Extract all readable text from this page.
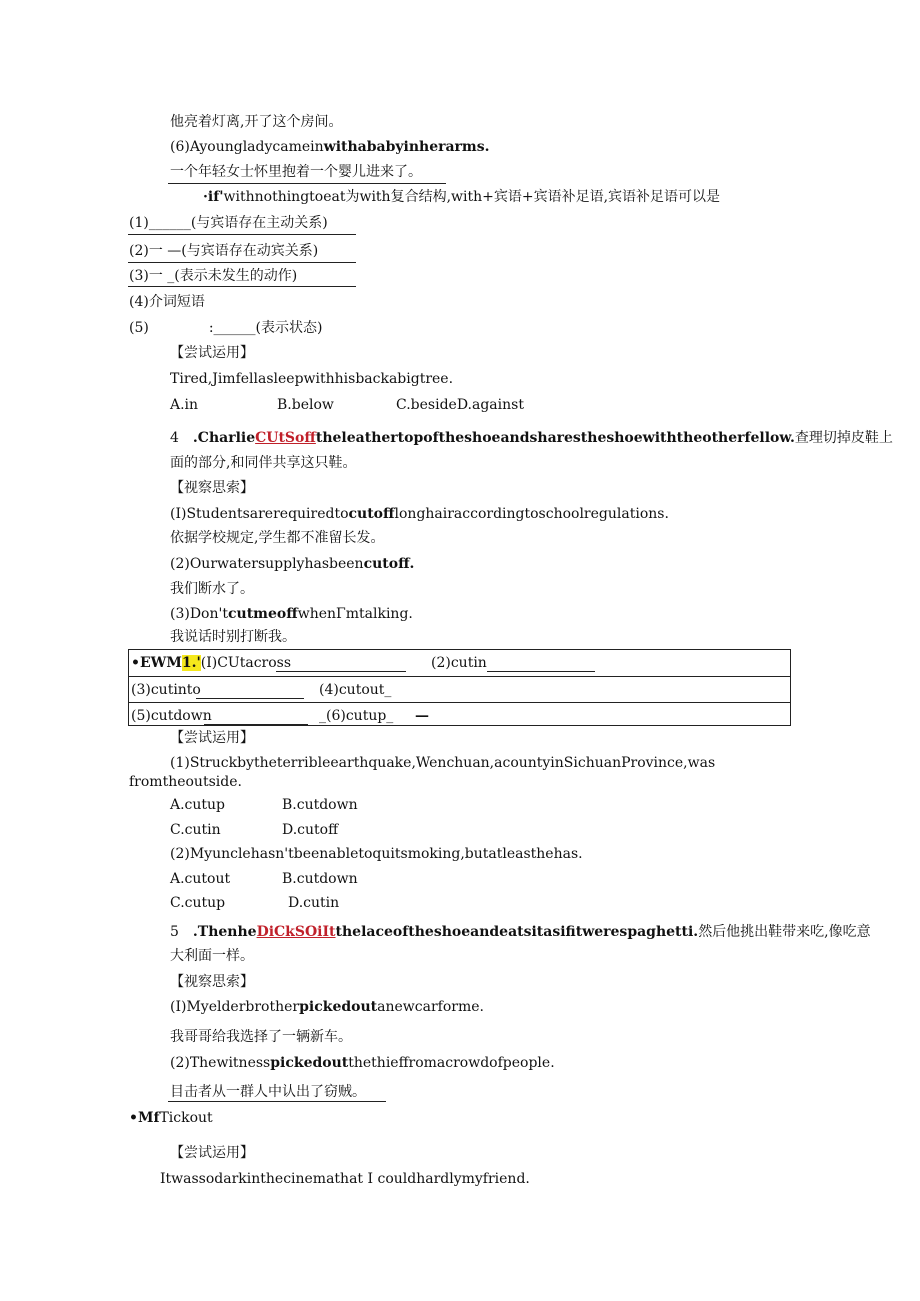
他亮着灯离,开了这个房间。
(6)Ayoungladycameinwithababyinherarms.
一个年轻女士怀里抱着一个婴儿进来了。
·if'withnothingtoeat为with复合结构,with+宾语+宾语补足语,宾语补足语可以是
(1)______(与宾语存在主动关系)
(2)一 —(与宾语存在动宾关系)
(3)一 _(表示未发生的动作)
(4)介词短语
(5)	:______(表示状态)
【尝试运用】
Tired,Jimfellasleepwithhisbackabigtree.
A.in	B.below	C.besideD.against
4 .CharlieCUtSofftheleathertopoftheshoeandsharestheshoewiththeotherfellow.查理切掉皮鞋上
面的部分,和同伴共享这只鞋。
【视察思索】
(I)Studentsarerequiredtocutofflonghairaccordingtoschoolregulations.
依据学校规定,学生都不准留长发。
(2)Ourwatersupplyhasbeencutoff.
我们断水了。
(3)Don'tcutmeoffwhenΓmtalking.
我说话时别打断我。
•EWM1.'(I)CUtacross	(2)cutin
(3)cutinto	(4)cutout_
(5)cutdown	_(6)cutup_ —
【尝试运用】
(1)Struckbytheterribleearthquake,Wenchuan,acountyinSichuanProvince,was
fromtheoutside.
A.cutup	B.cutdown
C.cutin	D.cutoff
(2)Myunclehasn'tbeenabletoquitsmoking,butatleasthehas.
A.cutout	B.cutdown
C.cutup	D.cutin
5 .ThenheDiCkSOiItthelaceoftheshoeandeatsitasifitwerespaghetti.然后他挑出鞋带来吃,像吃意
大利面一样。
【视察思索】
(I)Myelderbrotherpickedoutanewcarforme.
我哥哥给我选择了一辆新车。
(2)Thewitnesspickedoutthethieffromacrowdofpeople.
目击者从一群人中认出了窃贼。
•MfTickout
【尝试运用】
Itwassodarkinthecinemathat I couldhardlymyfriend.
